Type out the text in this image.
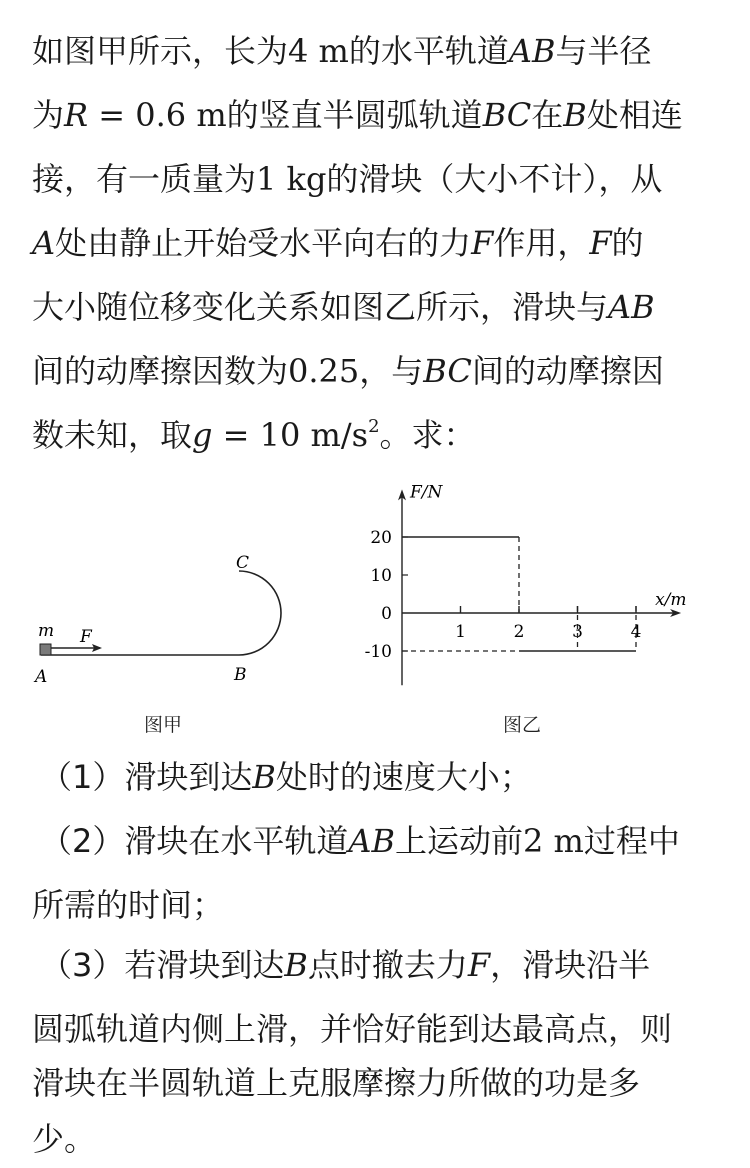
如图甲所示，长为4 m的水平轨道AB与半径
为R = 0.6 m的竖直半圆弧轨道BC在B处相连
接，有一质量为1 kg的滑块（大小不计），从
A处由静止开始受水平向右的力F作用，F的
大小随位移变化关系如图乙所示，滑块与AB
间的动摩擦因数为0.25，与BC间的动摩擦因
数未知，取g = 10 $m/s^2$。求：
m F
A	B
C
F/N
x/m
20
10
0
-10
1	2	3	4
图甲	图乙
（1）滑块到达B处时的速度大小；
（2）滑块在水平轨道AB上运动前2 m过程中
所需的时间；
（3）若滑块到达B点时撤去力F，滑块沿半
圆弧轨道内侧上滑，并恰好能到达最高点，则
滑块在半圆轨道上克服摩擦力所做的功是多
少。
